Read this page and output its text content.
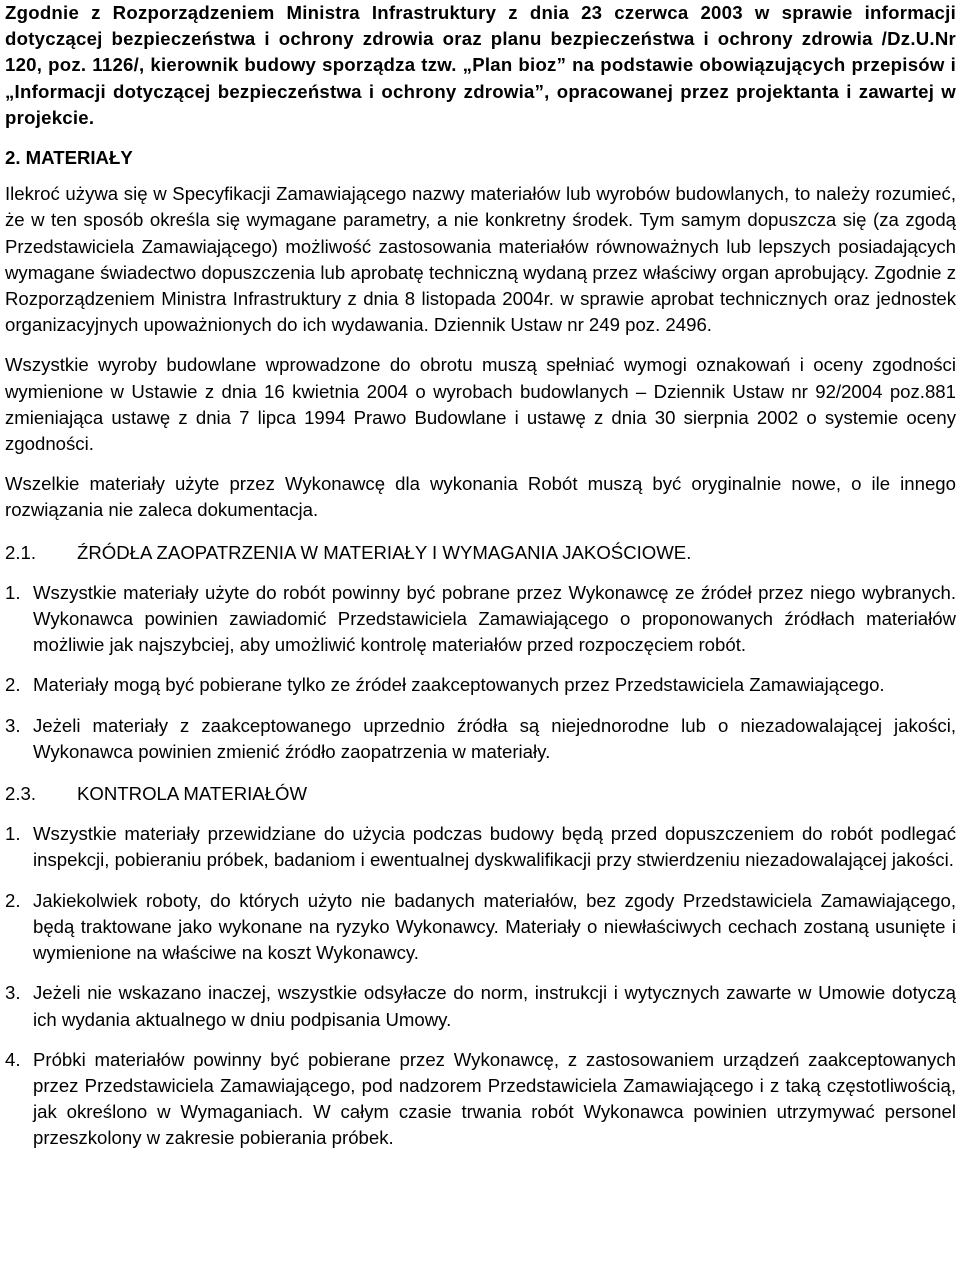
Zgodnie z Rozporządzeniem Ministra Infrastruktury z dnia 23 czerwca 2003 w sprawie informacji dotyczącej bezpieczeństwa i ochrony zdrowia oraz planu bezpieczeństwa i ochrony zdrowia /Dz.U.Nr 120, poz. 1126/, kierownik budowy sporządza tzw. „Plan bioz” na podstawie obowiązujących przepisów i „Informacji dotyczącej bezpieczeństwa i ochrony zdrowia”, opracowanej przez projektanta i zawartej w projekcie.

2. MATERIAŁY

Ilekroć używa się w Specyfikacji Zamawiającego nazwy materiałów lub wyrobów budowlanych, to należy rozumieć, że w ten sposób określa się wymagane parametry, a nie konkretny środek. Tym samym dopuszcza się (za zgodą Przedstawiciela Zamawiającego) możliwość zastosowania materiałów równoważnych lub lepszych posiadających wymagane świadectwo dopuszczenia lub aprobatę techniczną wydaną przez właściwy organ aprobujący. Zgodnie z Rozporządzeniem Ministra Infrastruktury z dnia 8 listopada 2004r. w sprawie aprobat technicznych oraz jednostek organizacyjnych upoważnionych do ich wydawania. Dziennik Ustaw nr 249 poz. 2496.

Wszystkie wyroby budowlane wprowadzone do obrotu muszą spełniać wymogi oznakowań i oceny zgodności wymienione w Ustawie z dnia 16 kwietnia 2004 o wyrobach budowlanych – Dziennik Ustaw nr 92/2004 poz.881 zmieniająca ustawę z dnia 7 lipca 1994 Prawo Budowlane i ustawę z dnia 30 sierpnia 2002 o systemie oceny zgodności.

Wszelkie materiały użyte przez Wykonawcę dla wykonania Robót muszą być oryginalnie nowe, o ile innego rozwiązania nie zaleca dokumentacja.

2.1.	ŹRÓDŁA ZAOPATRZENIA W MATERIAŁY I WYMAGANIA JAKOŚCIOWE.
1. Wszystkie materiały użyte do robót powinny być pobrane przez Wykonawcę ze źródeł przez niego wybranych. Wykonawca powinien zawiadomić Przedstawiciela Zamawiającego o proponowanych źródłach materiałów możliwie jak najszybciej, aby umożliwić kontrolę materiałów przed rozpoczęciem robót.
2. Materiały mogą być pobierane tylko ze źródeł zaakceptowanych przez Przedstawiciela Zamawiającego.
3. Jeżeli materiały z zaakceptowanego uprzednio źródła są niejednorodne lub o niezadowalającej jakości, Wykonawca powinien zmienić źródło zaopatrzenia w materiały.
2.3.	KONTROLA MATERIAŁÓW
1. Wszystkie materiały przewidziane do użycia podczas budowy będą przed dopuszczeniem do robót podlegać inspekcji, pobieraniu próbek, badaniom i ewentualnej dyskwalifikacji przy stwierdzeniu niezadowalającej jakości.
2. Jakiekolwiek roboty, do których użyto nie badanych materiałów, bez zgody Przedstawiciela Zamawiającego, będą traktowane jako wykonane na ryzyko Wykonawcy. Materiały o niewłaściwych cechach zostaną usunięte i wymienione na właściwe na koszt Wykonawcy.
3. Jeżeli nie wskazano inaczej, wszystkie odsyłacze do norm, instrukcji i wytycznych zawarte w Umowie dotyczą ich wydania aktualnego w dniu podpisania Umowy.
4. Próbki materiałów powinny być pobierane przez Wykonawcę, z zastosowaniem urządzeń zaakceptowanych przez Przedstawiciela Zamawiającego, pod nadzorem Przedstawiciela Zamawiającego i z taką częstotliwością, jak określono w Wymaganiach. W całym czasie trwania robót Wykonawca powinien utrzymywać personel przeszkolony w zakresie pobierania próbek.
